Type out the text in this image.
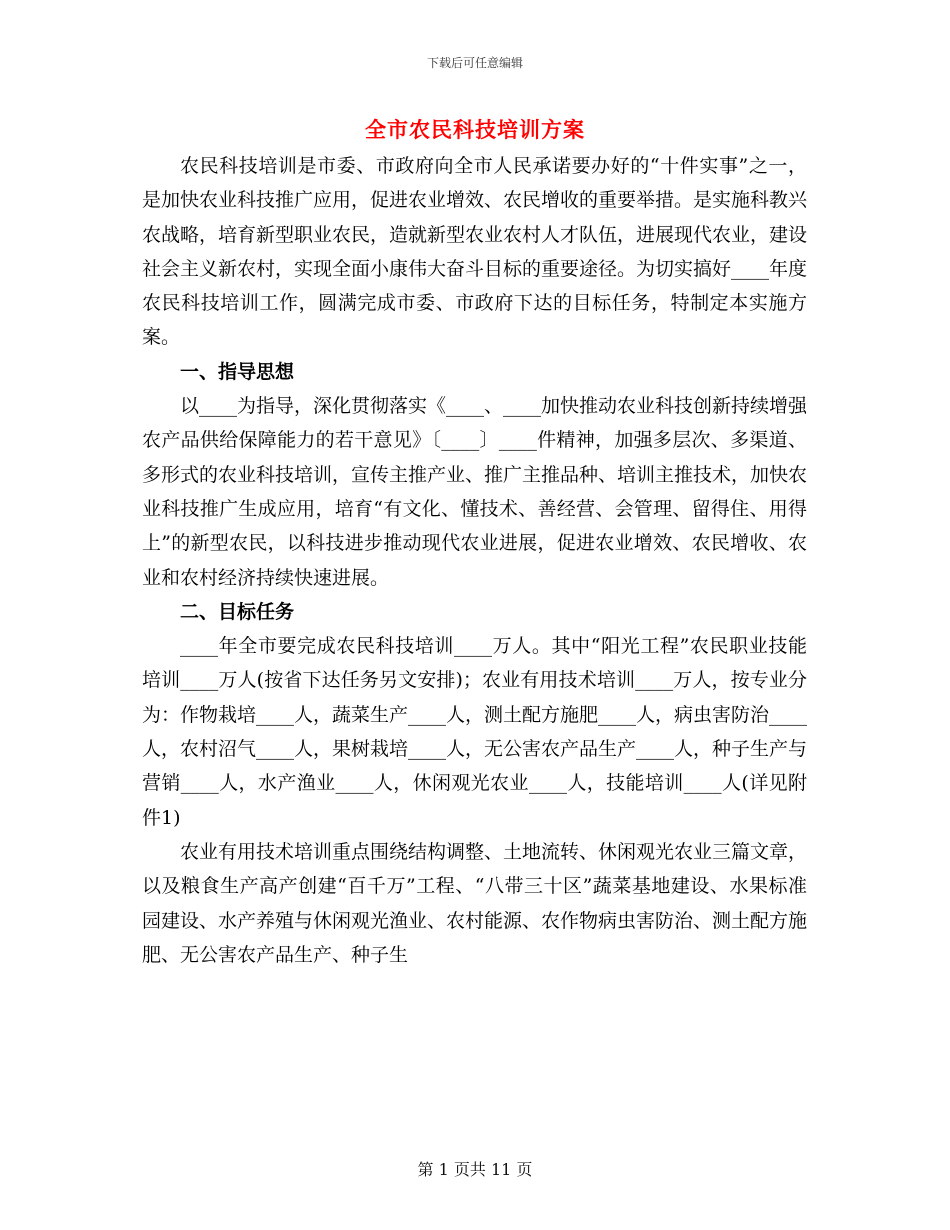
下载后可任意编辑
全市农民科技培训方案

农民科技培训是市委、市政府向全市人民承诺要办好的“十件实事”之一，是加快农业科技推广应用，促进农业增效、农民增收的重要举措。是实施科教兴农战略，培育新型职业农民，造就新型农业农村人才队伍，进展现代农业，建设社会主义新农村，实现全面小康伟大奋斗目标的重要途径。为切实搞好____年度农民科技培训工作，圆满完成市委、市政府下达的目标任务，特制定本实施方案。

一、指导思想

以____为指导，深化贯彻落实《____、____加快推动农业科技创新持续增强农产品供给保障能力的若干意见》〔____〕____件精神，加强多层次、多渠道、多形式的农业科技培训，宣传主推产业、推广主推品种、培训主推技术，加快农业科技推广生成应用，培育“有文化、懂技术、善经营、会管理、留得住、用得上”的新型农民，以科技进步推动现代农业进展，促进农业增效、农民增收、农业和农村经济持续快速进展。

二、目标任务

____年全市要完成农民科技培训____万人。其中“阳光工程”农民职业技能培训____万人(按省下达任务另文安排)；农业有用技术培训____万人，按专业分为：作物栽培____人，蔬菜生产____人，测土配方施肥____人，病虫害防治____人，农村沼气____人，果树栽培____人，无公害农产品生产____人，种子生产与营销____人，水产渔业____人，休闲观光农业____人，技能培训____人(详见附件1)

农业有用技术培训重点围绕结构调整、土地流转、休闲观光农业三篇文章，以及粮食生产高产创建“百千万”工程、“八带三十区”蔬菜基地建设、水果标准园建设、水产养殖与休闲观光渔业、农村能源、农作物病虫害防治、测土配方施肥、无公害农产品生产、种子生

第 1 页共 11 页
